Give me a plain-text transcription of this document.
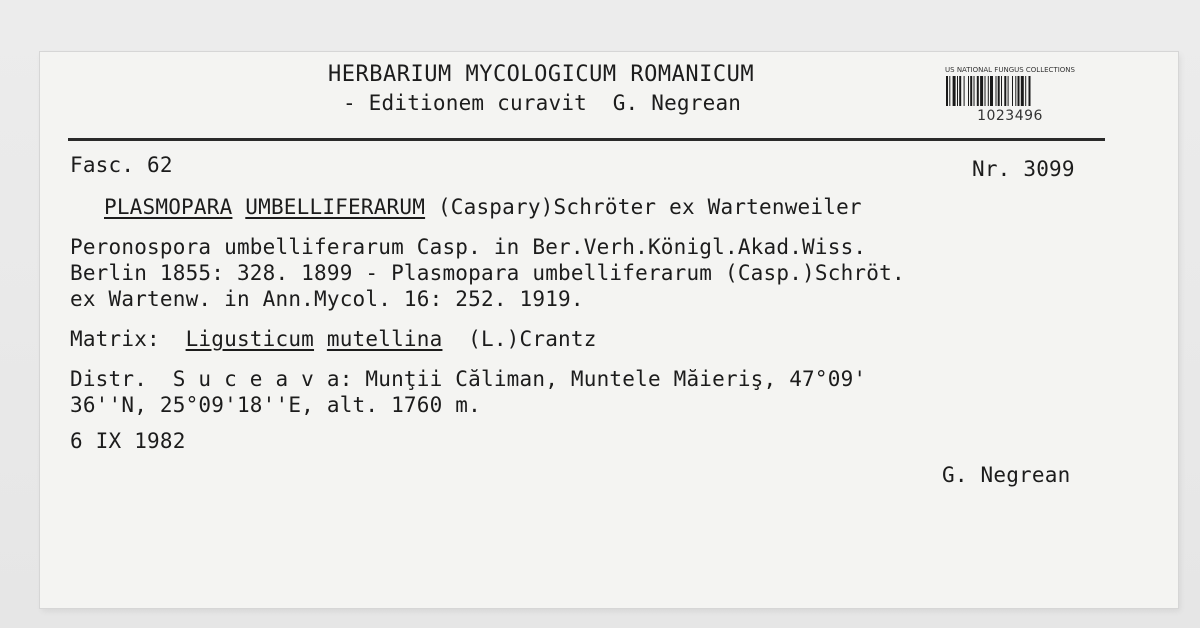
HERBARIUM MYCOLOGICUM ROMANICUM
- Editionem curavit  G. Negrean
US NATIONAL FUNGUS COLLECTIONS
1023496
Fasc. 62	Nr. 3099
PLASMOPARA UMBELLIFERARUM (Caspary)Schröter ex Wartenweiler
Peronospora umbelliferarum Casp. in Ber.Verh.Königl.Akad.Wiss.
Berlin 1855: 328. 1899 - Plasmopara umbelliferarum (Casp.)Schröt.
ex Wartenw. in Ann.Mycol. 16: 252. 1919.
Matrix: Ligusticum mutellina (L.)Crantz
Distr.  S u c e a v a: Munţii Căliman, Muntele Măieriş, 47°09'
36''N, 25°09'18''E, alt. 1760 m.
6 IX 1982
G. Negrean
